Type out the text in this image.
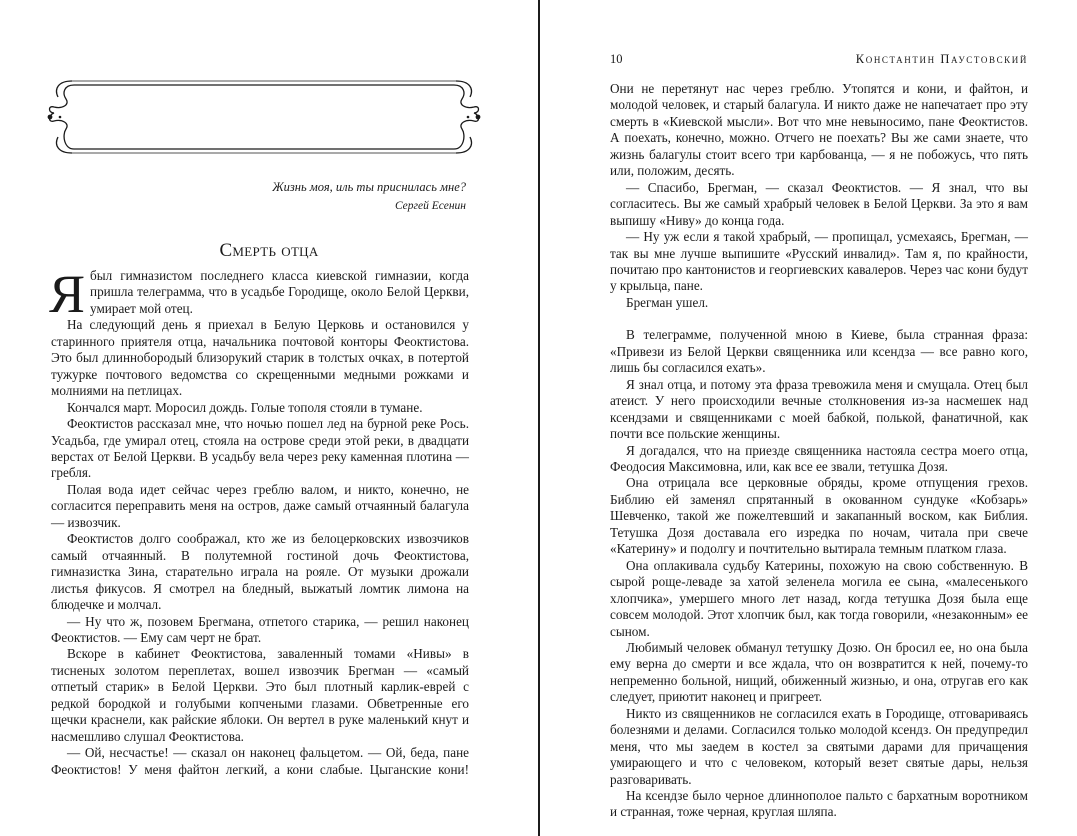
Жизнь моя, иль ты приснилась мне?
Сергей Есенин
Смерть отца

Я был гимназистом последнего класса киевской гимназии, когда пришла телеграмма, что в усадьбе Городище, около Белой Церкви, умирает мой отец.

На следующий день я приехал в Белую Церковь и остановился у старинного приятеля отца, начальника почтовой конторы Феоктистова. Это был длиннобородый близорукий старик в толстых очках, в потертой тужурке почтового ведомства со скрещенными медными рожками и молниями на петлицах.

Кончался март. Моросил дождь. Голые тополя стояли в тумане.

Феоктистов рассказал мне, что ночью пошел лед на бурной реке Рось. Усадьба, где умирал отец, стояла на острове среди этой реки, в двадцати верстах от Белой Церкви. В усадьбу вела через реку каменная плотина — гребля.

Полая вода идет сейчас через греблю валом, и никто, конечно, не согласится переправить меня на остров, даже самый отчаянный балагула — извозчик.

Феоктистов долго соображал, кто же из белоцерковских извозчиков самый отчаянный. В полутемной гостиной дочь Феоктистова, гимназистка Зина, старательно играла на рояле. От музыки дрожали листья фикусов. Я смотрел на бледный, выжатый ломтик лимона на блюдечке и молчал.

— Ну что ж, позовем Брегмана, отпетого старика, — решил наконец Феоктистов. — Ему сам черт не брат.

Вскоре в кабинет Феоктистова, заваленный томами «Нивы» в тисненых золотом переплетах, вошел извозчик Брегман — «самый отпетый старик» в Белой Церкви. Это был плотный карлик-еврей с редкой бородкой и голубыми копчеными глазами. Обветренные его щечки краснели, как райские яблоки. Он вертел в руке маленький кнут и насмешливо слушал Феоктистова.

— Ой, несчастье! — сказал он наконец фальцетом. — Ой, беда, пане Феоктистов! У меня файтон легкий, а кони слабые. Цыганские кони!

10	Константин Паустовский

Они не перетянут нас через греблю. Утопятся и кони, и файтон, и молодой человек, и старый балагула. И никто даже не напечатает про эту смерть в «Киевской мысли». Вот что мне невыносимо, пане Феоктистов. А поехать, конечно, можно. Отчего не поехать? Вы же сами знаете, что жизнь балагулы стоит всего три карбованца, — я не побожусь, что пять или, положим, десять.

— Спасибо, Брегман, — сказал Феоктистов. — Я знал, что вы согласитесь. Вы же самый храбрый человек в Белой Церкви. За это я вам выпишу «Ниву» до конца года.

— Ну уж если я такой храбрый, — пропищал, усмехаясь, Брегман, — так вы мне лучше выпишите «Русский инвалид». Там я, по крайности, почитаю про кантонистов и георгиевских кавалеров. Через час кони будут у крыльца, пане.

Брегман ушел.

В телеграмме, полученной мною в Киеве, была странная фраза: «Привези из Белой Церкви священника или ксендза — все равно кого, лишь бы согласился ехать».

Я знал отца, и потому эта фраза тревожила меня и смущала. Отец был атеист. У него происходили вечные столкновения из-за насмешек над ксендзами и священниками с моей бабкой, полькой, фанатичной, как почти все польские женщины.

Я догадался, что на приезде священника настояла сестра моего отца, Феодосия Максимовна, или, как все ее звали, тетушка Дозя.

Она отрицала все церковные обряды, кроме отпущения грехов. Библию ей заменял спрятанный в окованном сундуке «Кобзарь» Шевченко, такой же пожелтевший и закапанный воском, как Библия. Тетушка Дозя доставала его изредка по ночам, читала при свече «Катерину» и подолгу и почтительно вытирала темным платком глаза.

Она оплакивала судьбу Катерины, похожую на свою собственную. В сырой роще-левадe за хатой зеленела могила ее сына, «малесенького хлопчика», умершего много лет назад, когда тетушка Дозя была еще совсем молодой. Этот хлопчик был, как тогда говорили, «незаконным» ее сыном.

Любимый человек обманул тетушку Дозю. Он бросил ее, но она была ему верна до смерти и все ждала, что он возвратится к ней, почему-то непременно больной, нищий, обиженный жизнью, и она, отругав его как следует, приютит наконец и пригреет.

Никто из священников не согласился ехать в Городище, отговариваясь болезнями и делами. Согласился только молодой ксендз. Он предупредил меня, что мы заедем в костел за святыми дарами для причащения умирающего и что с человеком, который везет святые дары, нельзя разговаривать.

На ксендзе было черное длиннополое пальто с бархатным воротником и странная, тоже черная, круглая шляпа.
